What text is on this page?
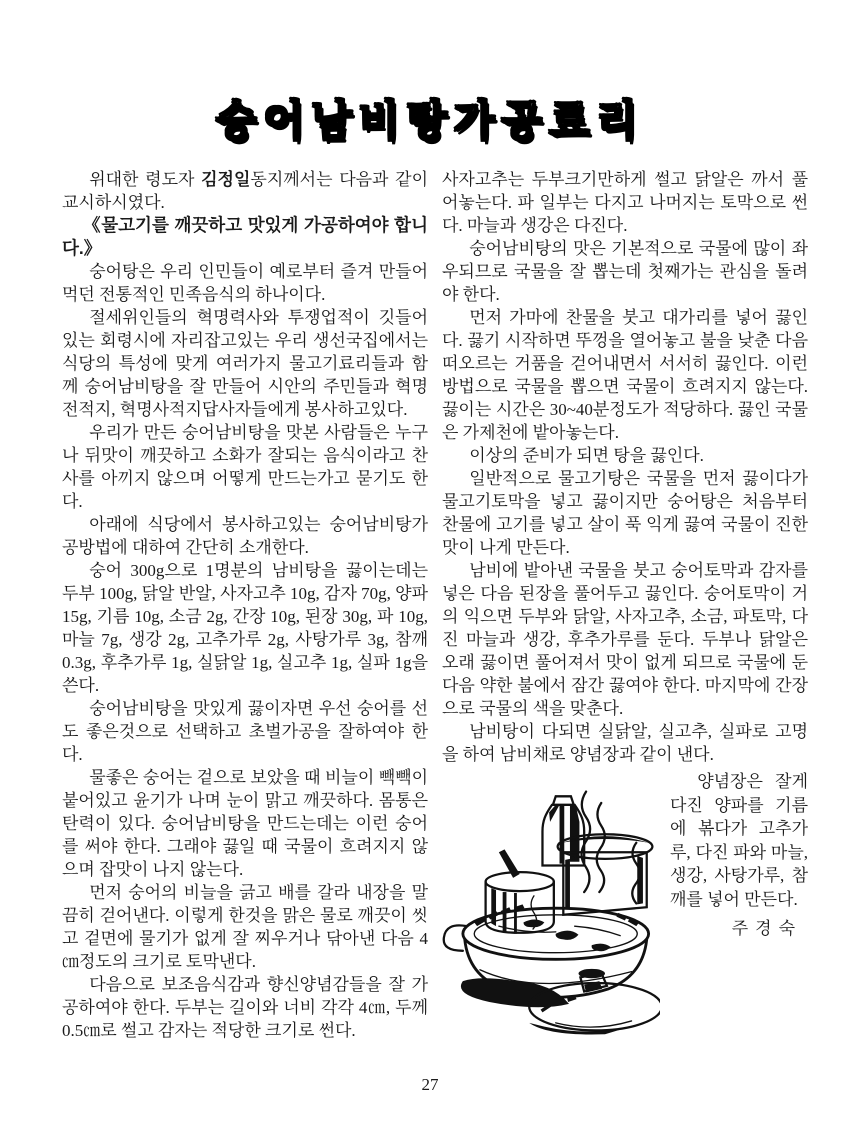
숭어남비탕가공료리

위대한 령도자 김정일동지께서는 다음과 같이 교시하시였다.

《물고기를 깨끗하고 맛있게 가공하여야 합니다.》

숭어탕은 우리 인민들이 예로부터 즐겨 만들어먹던 전통적인 민족음식의 하나이다.

절세위인들의 혁명력사와 투쟁업적이 깃들어있는 회령시에 자리잡고있는 우리 생선국집에서는 식당의 특성에 맞게 여러가지 물고기료리들과 함께 숭어남비탕을 잘 만들어 시안의 주민들과 혁명전적지, 혁명사적지답사자들에게 봉사하고있다.

우리가 만든 숭어남비탕을 맛본 사람들은 누구나 뒤맛이 깨끗하고 소화가 잘되는 음식이라고 찬사를 아끼지 않으며 어떻게 만드는가고 묻기도 한다.

아래에 식당에서 봉사하고있는 숭어남비탕가공방법에 대하여 간단히 소개한다.

숭어 300g으로 1명분의 남비탕을 끓이는데는 두부 100g, 닭알 반알, 사자고추 10g, 감자 70g, 양파 15g, 기름 10g, 소금 2g, 간장 10g, 된장 30g, 파 10g, 마늘 7g, 생강 2g, 고추가루 2g, 사탕가루 3g, 참깨 0.3g, 후추가루 1g, 실닭알 1g, 실고추 1g, 실파 1g을 쓴다.

숭어남비탕을 맛있게 끓이자면 우선 숭어를 선도 좋은것으로 선택하고 초벌가공을 잘하여야 한다.

물좋은 숭어는 겉으로 보았을 때 비늘이 빽빽이 붙어있고 윤기가 나며 눈이 맑고 깨끗하다. 몸통은 탄력이 있다. 숭어남비탕을 만드는데는 이런 숭어를 써야 한다. 그래야 끓일 때 국물이 흐려지지 않으며 잡맛이 나지 않는다.

먼저 숭어의 비늘을 긁고 배를 갈라 내장을 말끔히 걷어낸다. 이렇게 한것을 맑은 물로 깨끗이 씻고 겉면에 물기가 없게 잘 찌우거나 닦아낸 다음 4㎝정도의 크기로 토막낸다.

다음으로 보조음식감과 향신양념감들을 잘 가공하여야 한다. 두부는 길이와 너비 각각 4㎝, 두께 0.5㎝로 썰고 감자는 적당한 크기로 썬다.

사자고추는 두부크기만하게 썰고 닭알은 까서 풀어놓는다. 파 일부는 다지고 나머지는 토막으로 썬다. 마늘과 생강은 다진다.

숭어남비탕의 맛은 기본적으로 국물에 많이 좌우되므로 국물을 잘 뽑는데 첫째가는 관심을 돌려야 한다.

먼저 가마에 찬물을 붓고 대가리를 넣어 끓인다. 끓기 시작하면 뚜껑을 열어놓고 불을 낮춘 다음 떠오르는 거품을 걷어내면서 서서히 끓인다. 이런 방법으로 국물을 뽑으면 국물이 흐려지지 않는다. 끓이는 시간은 30~40분정도가 적당하다. 끓인 국물은 가제천에 밭아놓는다.

이상의 준비가 되면 탕을 끓인다.

일반적으로 물고기탕은 국물을 먼저 끓이다가 물고기토막을 넣고 끓이지만 숭어탕은 처음부터 찬물에 고기를 넣고 살이 푹 익게 끓여 국물이 진한 맛이 나게 만든다.

남비에 밭아낸 국물을 붓고 숭어토막과 감자를 넣은 다음 된장을 풀어두고 끓인다. 숭어토막이 거의 익으면 두부와 닭알, 사자고추, 소금, 파토막, 다진 마늘과 생강, 후추가루를 둔다. 두부나 닭알은 오래 끓이면 풀어져서 맛이 없게 되므로 국물에 둔 다음 약한 불에서 잠간 끓여야 한다. 마지막에 간장으로 국물의 색을 맞춘다.

남비탕이 다되면 실닭알, 실고추, 실파로 고명을 하여 남비채로 양념장과 같이 낸다.

양념장은 잘게 다진 양파를 기름에 볶다가 고추가루, 다진 파와 마늘, 생강, 사탕가루, 참깨를 넣어 만든다.

주경숙
27
